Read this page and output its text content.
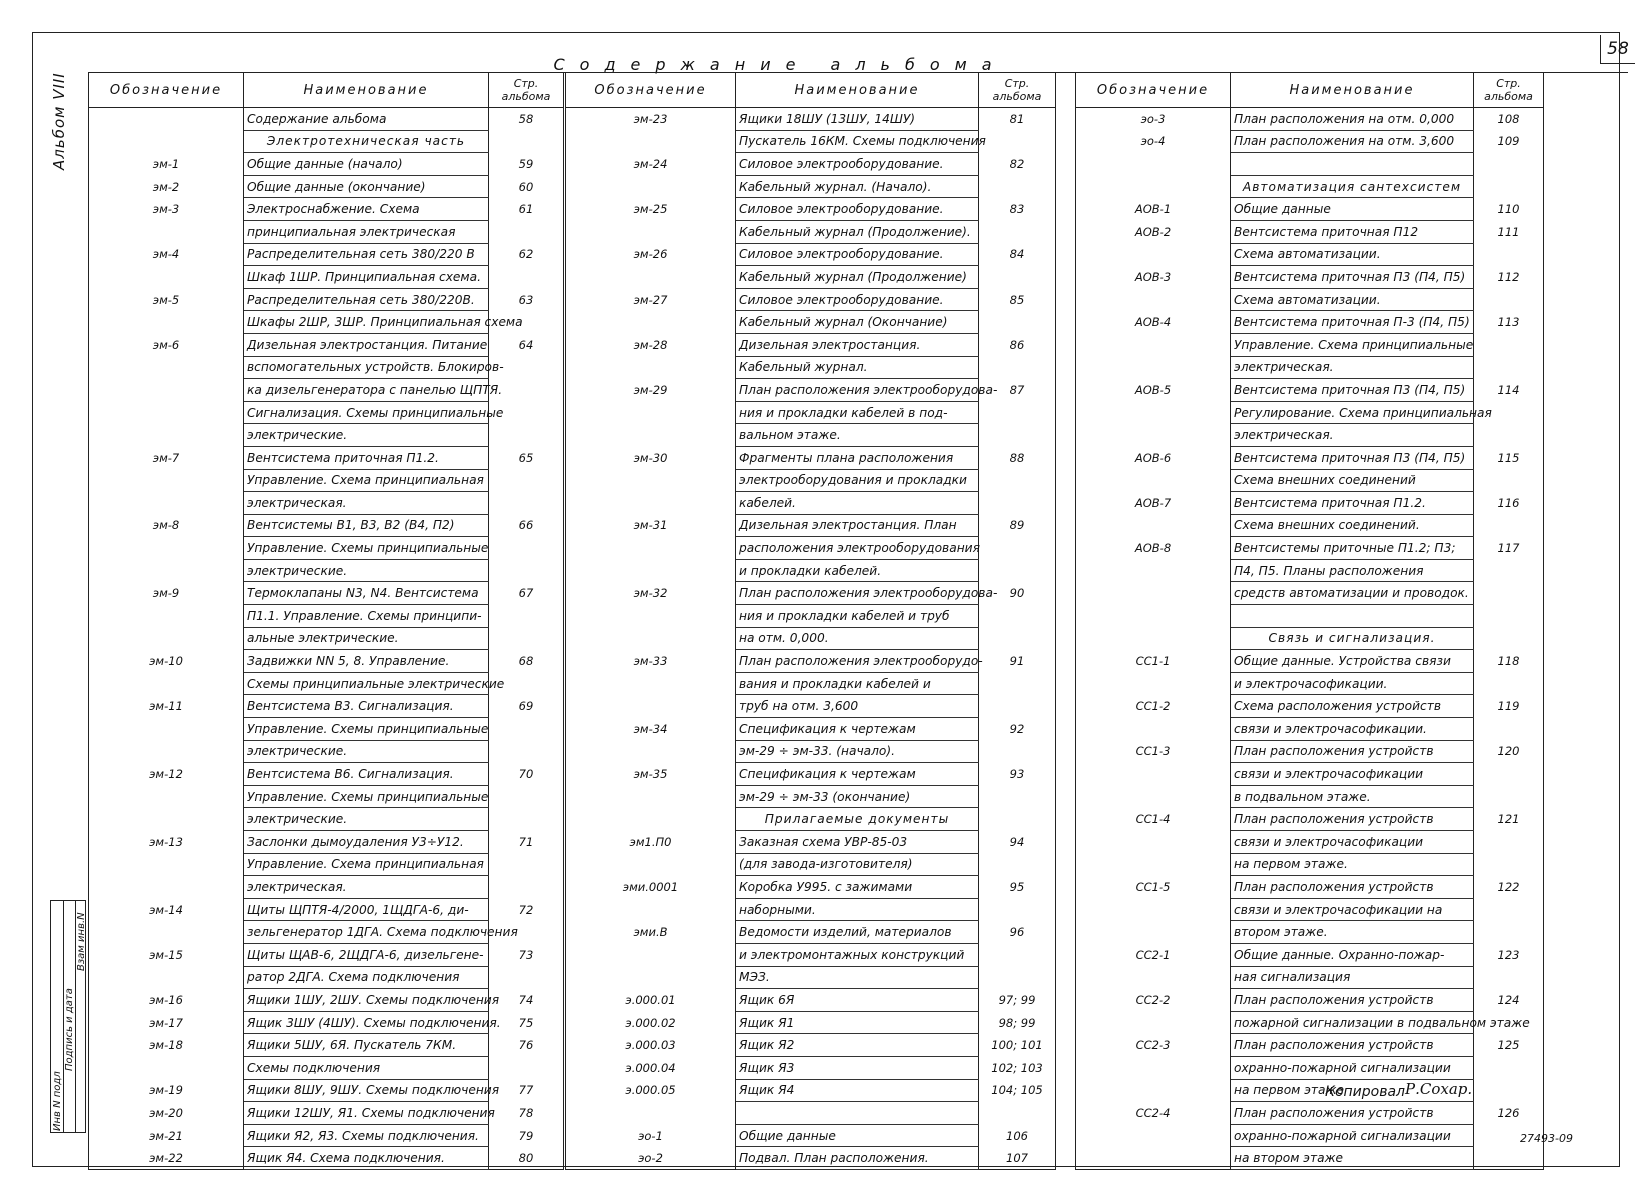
58
Альбом VIII
Инв N подл
Подпись и дата
Взам инв.N
Содержание альбома
Обозначение	Наименование	Стр. альбома
	Содержание альбома	58
	Электротехническая часть	
эм-1	Общие данные (начало)	59
эм-2	Общие данные (окончание)	60
эм-3	Электроснабжение. Схема	61
	принципиальная электрическая	
эм-4	Распределительная сеть 380/220 В	62
	Шкаф 1ШР. Принципиальная схема.	
эм-5	Распределительная сеть 380/220В.	63
	Шкафы 2ШР, 3ШР. Принципиальная схема	
эм-6	Дизельная электростанция. Питание	64
	вспомогательных устройств. Блокиров-	
	ка дизельгенератора с панелью ЩПТЯ.	
	Сигнализация. Схемы принципиальные	
	электрические.	
эм-7	Вентсистема приточная П1.2.	65
	Управление. Схема принципиальная	
	электрическая.	
эм-8	Вентсистемы В1, В3, В2 (В4, П2)	66
	Управление. Схемы принципиальные	
	электрические.	
эм-9	Термоклапаны N3, N4. Вентсистема	67
	П1.1. Управление. Схемы принципи-	
	альные электрические.	
эм-10	Задвижки NN 5, 8. Управление.	68
	Схемы принципиальные электрические	
эм-11	Вентсистема В3. Сигнализация.	69
	Управление. Схемы принципиальные	
	электрические.	
эм-12	Вентсистема В6. Сигнализация.	70
	Управление. Схемы принципиальные	
	электрические.	
эм-13	Заслонки дымоудаления У3÷У12.	71
	Управление. Схема принципиальная	
	электрическая.	
эм-14	Щиты ЩПТЯ-4/2000, 1ЩДГА-6, ди-	72
	зельгенератор 1ДГА. Схема подключения	
эм-15	Щиты ЩАВ-6, 2ЩДГА-6, дизельгене-	73
	ратор 2ДГА. Схема подключения	
эм-16	Ящики 1ШУ, 2ШУ. Схемы подключения	74
эм-17	Ящик 3ШУ (4ШУ). Схемы подключения.	75
эм-18	Ящики 5ШУ, 6Я. Пускатель 7КМ.	76
	Схемы подключения	
эм-19	Ящики 8ШУ, 9ШУ. Схемы подключения	77
эм-20	Ящики 12ШУ, Я1. Схемы подключения	78
эм-21	Ящики Я2, Я3. Схемы подключения.	79
эм-22	Ящик Я4. Схема подключения.	80
Обозначение	Наименование	Стр. альбома
эм-23	Ящики 18ШУ (13ШУ, 14ШУ)	81
	Пускатель 16КМ. Схемы подключения	
эм-24	Силовое электрооборудование.	82
	Кабельный журнал. (Начало).	
эм-25	Силовое электрооборудование.	83
	Кабельный журнал (Продолжение).	
эм-26	Силовое электрооборудование.	84
	Кабельный журнал (Продолжение)	
эм-27	Силовое электрооборудование.	85
	Кабельный журнал (Окончание)	
эм-28	Дизельная электростанция.	86
	Кабельный журнал.	
эм-29	План расположения электрооборудова-	87
	ния и прокладки кабелей в под-	
	вальном этаже.	
эм-30	Фрагменты плана расположения	88
	электрооборудования и прокладки	
	кабелей.	
эм-31	Дизельная электростанция. План	89
	расположения электрооборудования	
	и прокладки кабелей.	
эм-32	План расположения электрооборудова-	90
	ния и прокладки кабелей и труб	
	на отм. 0,000.	
эм-33	План расположения электрооборудо-	91
	вания и прокладки кабелей и	
	труб на отм. 3,600	
эм-34	Спецификация к чертежам	92
	эм-29 ÷ эм-33. (начало).	
эм-35	Спецификация к чертежам	93
	эм-29 ÷ эм-33 (окончание)	
	Прилагаемые документы	
эм1.П0	Заказная схема УВР-85-03	94
	(для завода-изготовителя)	
эми.0001	Коробка У995. с зажимами	95
	наборными.	
эми.В	Ведомости изделий, материалов	96
	и электромонтажных конструкций	
	МЭЗ.	
э.000.01	Ящик 6Я	97; 99
э.000.02	Ящик Я1	98; 99
э.000.03	Ящик Я2	100; 101
э.000.04	Ящик Я3	102; 103
э.000.05	Ящик Я4	104; 105

эо-1	Общие данные	106
эо-2	Подвал. План расположения.	107
Обозначение	Наименование	Стр. альбома
эо-3	План расположения на отм. 0,000	108
эо-4	План расположения на отм. 3,600	109

	Автоматизация сантехсистем	
АОВ-1	Общие данные	110
АОВ-2	Вентсистема приточная П12	111
	Схема автоматизации.	
АОВ-3	Вентсистема приточная П3 (П4, П5)	112
	Схема автоматизации.	
АОВ-4	Вентсистема приточная П-3 (П4, П5)	113
	Управление. Схема принципиальные	
	электрическая.	
АОВ-5	Вентсистема приточная П3 (П4, П5)	114
	Регулирование. Схема принципиальная	
	электрическая.	
АОВ-6	Вентсистема приточная П3 (П4, П5)	115
	Схема внешних соединений	
АОВ-7	Вентсистема приточная П1.2.	116
	Схема внешних соединений.	
АОВ-8	Вентсистемы приточные П1.2; П3;	117
	П4, П5. Планы расположения	
	средств автоматизации и проводок.	

	Связь и сигнализация.	
СС1-1	Общие данные. Устройства связи	118
	и электрочасофикации.	
СС1-2	Схема расположения устройств	119
	связи и электрочасофикации.	
СС1-3	План расположения устройств	120
	связи и электрочасофикации	
	в подвальном этаже.	
СС1-4	План расположения устройств	121
	связи и электрочасофикации	
	на первом этаже.	
СС1-5	План расположения устройств	122
	связи и электрочасофикации на	
	втором этаже.	
СС2-1	Общие данные. Охранно-пожар-	123
	ная сигнализация	
СС2-2	План расположения устройств	124
	пожарной сигнализации в подвальном этаже	
СС2-3	План расположения устройств	125
	охранно-пожарной сигнализации	
	на первом этаже	
СС2-4	План расположения устройств	126
	охранно-пожарной сигнализации	
	на втором этаже	
Копировал Р.Сохар.
27493-09
